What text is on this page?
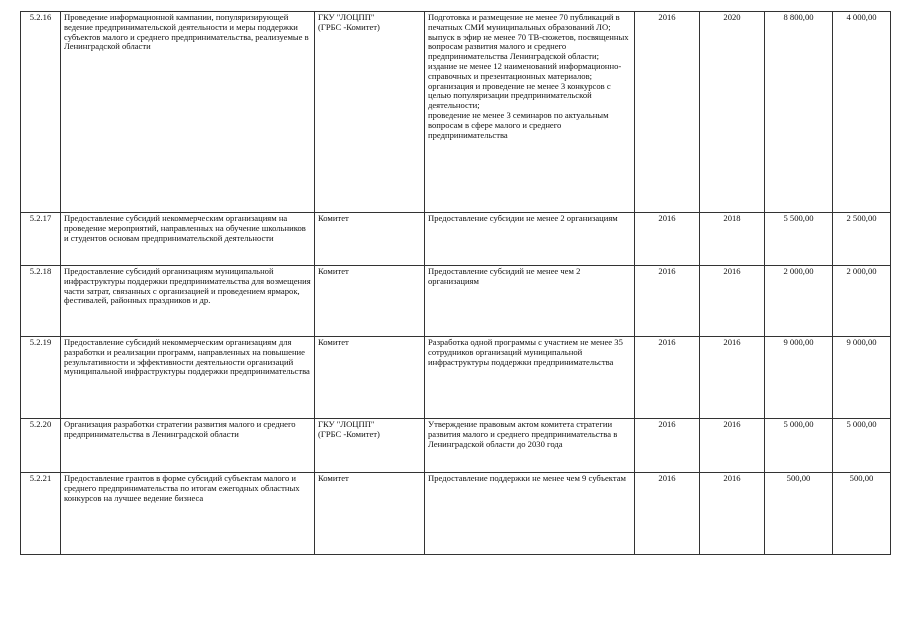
5.2.16	Проведение информационной кампании, популяризирующей ведение предпринимательской деятельности и меры поддержки субъектов малого и среднего предпринимательства, реализуемые в Ленинградской области	ГКУ "ЛОЦПП"
(ГРБС -Комитет)	Подготовка и размещение не менее 70 публикаций в печатных СМИ муниципальных образований ЛО;
выпуск в эфир не менее 70 ТВ-сюжетов, посвященных вопросам развития малого и среднего предпринимательства Ленинградской области;
издание не менее 12 наименований информационно-справочных и презентационных материалов;
организация и проведение не менее 3 конкурсов с целью популяризации предпринимательской деятельности;
проведение не менее 3 семинаров по актуальным вопросам в сфере малого и среднего предпринимательства	2016	2020	8 800,00	4 000,00
5.2.17	Предоставление субсидий некоммерческим организациям на проведение мероприятий, направленных на обучение школьников и студентов основам предпринимательской деятельности	Комитет	Предоставление субсидии не менее 2 организациям	2016	2018	5 500,00	2 500,00
5.2.18	Предоставление субсидий организациям муниципальной инфраструктуры поддержки предпринимательства для возмещения части затрат, связанных с организацией и проведением ярмарок, фестивалей, районных праздников и др.	Комитет	Предоставление субсидий не менее чем 2 организациям	2016	2016	2 000,00	2 000,00
5.2.19	Предоставление субсидий некоммерческим организациям для разработки и реализации программ, направленных на повышение результативности и эффективности деятельности организаций муниципальной инфраструктуры поддержки предпринимательства	Комитет	Разработка одной программы с участием не менее 35 сотрудников организаций муниципальной инфраструктуры поддержки предпринимательства	2016	2016	9 000,00	9 000,00
5.2.20	Организация разработки стратегии развития малого и среднего предпринимательства в Ленинградской области	ГКУ "ЛОЦПП"
(ГРБС -Комитет)	Утверждение правовым актом комитета стратегии развития малого и среднего предпринимательства в Ленинградской области до 2030 года	2016	2016	5 000,00	5 000,00
5.2.21	Предоставление грантов в форме субсидий субъектам малого и среднего предпринимательства по итогам ежегодных областных конкурсов на лучшее ведение бизнеса	Комитет	Предоставление поддержки не менее чем 9 субъектам	2016	2016	500,00	500,00
